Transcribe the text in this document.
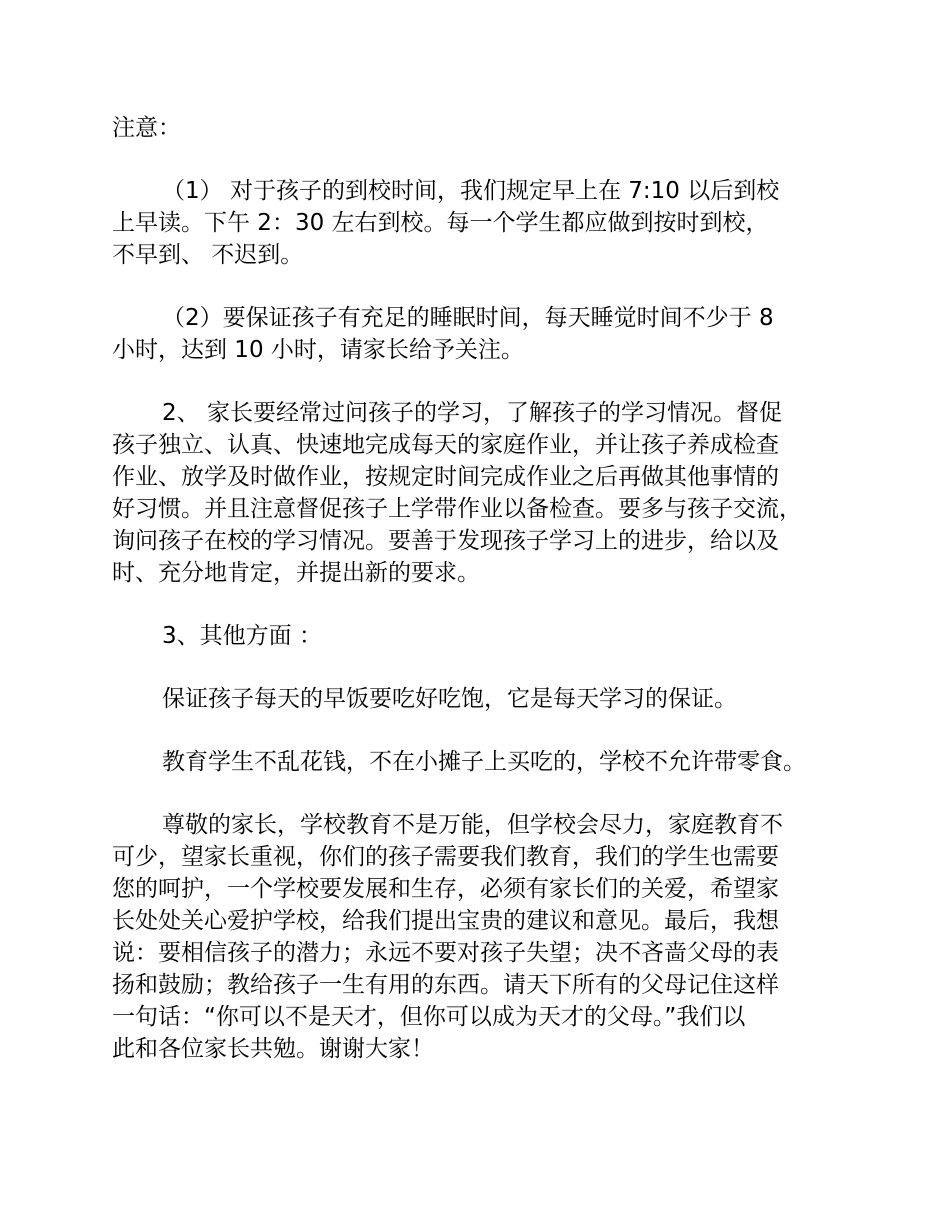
注意：

（1） 对于孩子的到校时间，我们规定早上在 7:10 以后到校
上早读。下午 2：30 左右到校。每一个学生都应做到按时到校，
不早到、 不迟到。

（2）要保证孩子有充足的睡眠时间，每天睡觉时间不少于 8
小时，达到 10 小时，请家长给予关注。

2、 家长要经常过问孩子的学习，了解孩子的学习情况。督促
孩子独立、认真、快速地完成每天的家庭作业，并让孩子养成检查
作业、放学及时做作业，按规定时间完成作业之后再做其他事情的
好习惯。并且注意督促孩子上学带作业以备检查。要多与孩子交流，
询问孩子在校的学习情况。要善于发现孩子学习上的进步，给以及
时、充分地肯定，并提出新的要求。

3、其他方面 ：

保证孩子每天的早饭要吃好吃饱，它是每天学习的保证。

教育学生不乱花钱，不在小摊子上买吃的，学校不允许带零食。

尊敬的家长，学校教育不是万能，但学校会尽力，家庭教育不
可少，望家长重视，你们的孩子需要我们教育，我们的学生也需要
您的呵护，一个学校要发展和生存，必须有家长们的关爱，希望家
长处处关心爱护学校，给我们提出宝贵的建议和意见。最后，我想
说：要相信孩子的潜力；永远不要对孩子失望；决不吝啬父母的表
扬和鼓励；教给孩子一生有用的东西。请天下所有的父母记住这样
一句话：“你可以不是天才，但你可以成为天才的父母。”我们以
此和各位家长共勉。谢谢大家！
